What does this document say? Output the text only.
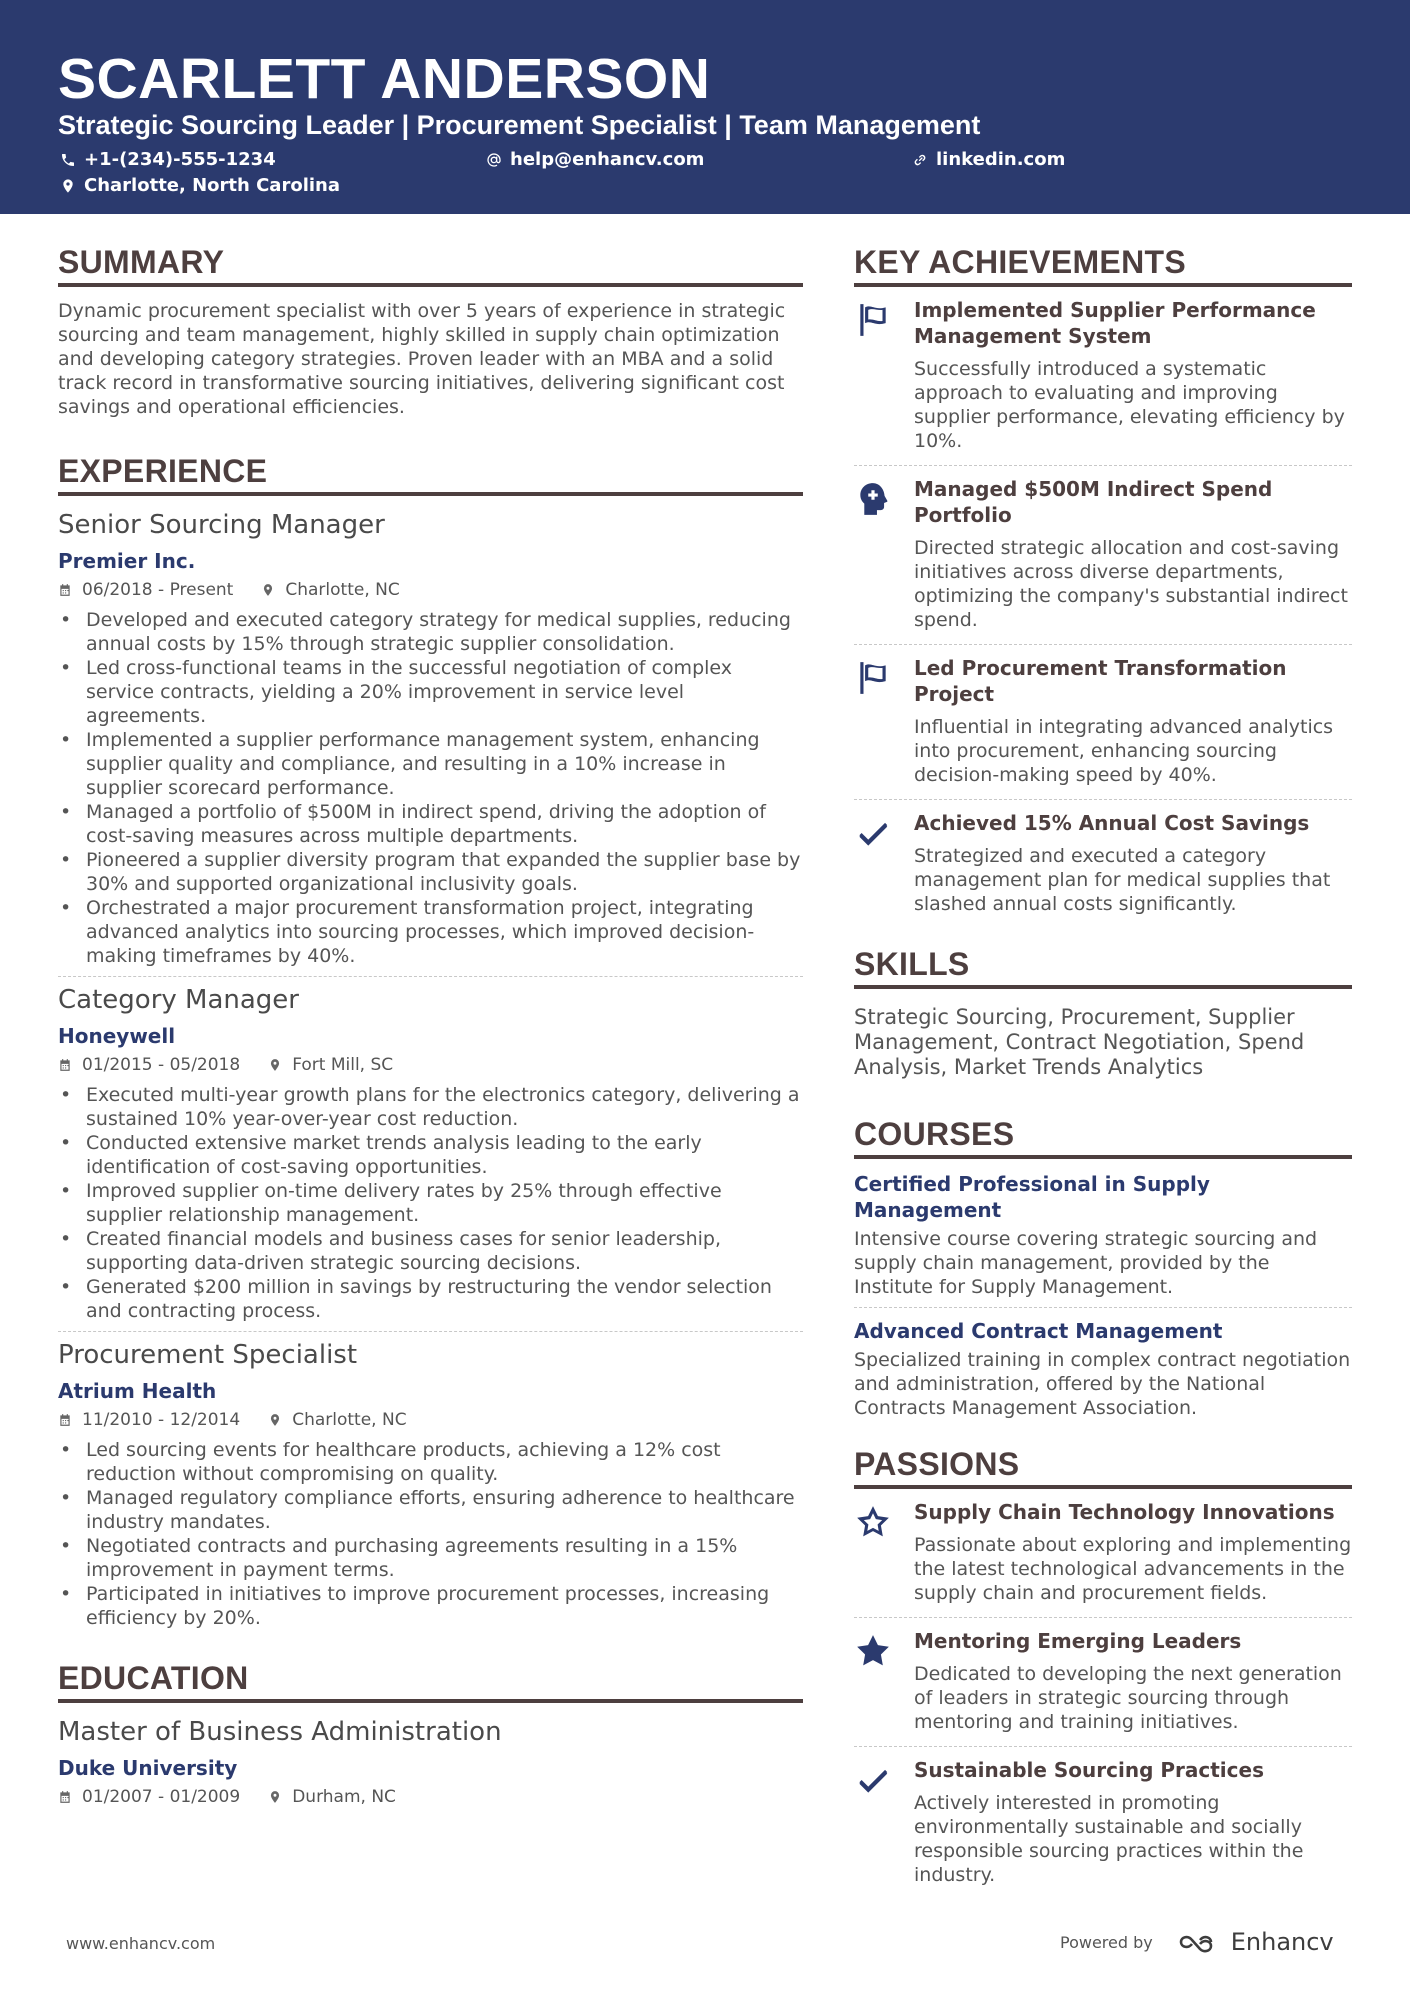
SCARLETT ANDERSON
Strategic Sourcing Leader | Procurement Specialist | Team Management
+1-(234)-555-1234	help@enhancv.com	linkedin.com
Charlotte, North Carolina
SUMMARY
Dynamic procurement specialist with over 5 years of experience in strategic sourcing and team management, highly skilled in supply chain optimization and developing category strategies. Proven leader with an MBA and a solid track record in transformative sourcing initiatives, delivering significant cost savings and operational efficiencies.
EXPERIENCE
Senior Sourcing Manager
Premier Inc.
06/2018 - Present	Charlotte, NC
• Developed and executed category strategy for medical supplies, reducing annual costs by 15% through strategic supplier consolidation.
• Led cross-functional teams in the successful negotiation of complex service contracts, yielding a 20% improvement in service level agreements.
• Implemented a supplier performance management system, enhancing supplier quality and compliance, and resulting in a 10% increase in supplier scorecard performance.
• Managed a portfolio of $500M in indirect spend, driving the adoption of cost-saving measures across multiple departments.
• Pioneered a supplier diversity program that expanded the supplier base by 30% and supported organizational inclusivity goals.
• Orchestrated a major procurement transformation project, integrating advanced analytics into sourcing processes, which improved decision-making timeframes by 40%.
Category Manager
Honeywell
01/2015 - 05/2018	Fort Mill, SC
• Executed multi-year growth plans for the electronics category, delivering a sustained 10% year-over-year cost reduction.
• Conducted extensive market trends analysis leading to the early identification of cost-saving opportunities.
• Improved supplier on-time delivery rates by 25% through effective supplier relationship management.
• Created financial models and business cases for senior leadership, supporting data-driven strategic sourcing decisions.
• Generated $200 million in savings by restructuring the vendor selection and contracting process.
Procurement Specialist
Atrium Health
11/2010 - 12/2014	Charlotte, NC
• Led sourcing events for healthcare products, achieving a 12% cost reduction without compromising on quality.
• Managed regulatory compliance efforts, ensuring adherence to healthcare industry mandates.
• Negotiated contracts and purchasing agreements resulting in a 15% improvement in payment terms.
• Participated in initiatives to improve procurement processes, increasing efficiency by 20%.
EDUCATION
Master of Business Administration
Duke University
01/2007 - 01/2009	Durham, NC
KEY ACHIEVEMENTS
Implemented Supplier Performance Management System
Successfully introduced a systematic approach to evaluating and improving supplier performance, elevating efficiency by 10%.
Managed $500M Indirect Spend Portfolio
Directed strategic allocation and cost-saving initiatives across diverse departments, optimizing the company's substantial indirect spend.
Led Procurement Transformation Project
Influential in integrating advanced analytics into procurement, enhancing sourcing decision-making speed by 40%.
Achieved 15% Annual Cost Savings
Strategized and executed a category management plan for medical supplies that slashed annual costs significantly.
SKILLS
Strategic Sourcing, Procurement, Supplier Management, Contract Negotiation, Spend Analysis, Market Trends Analytics
COURSES
Certified Professional in Supply Management
Intensive course covering strategic sourcing and supply chain management, provided by the Institute for Supply Management.
Advanced Contract Management
Specialized training in complex contract negotiation and administration, offered by the National Contracts Management Association.
PASSIONS
Supply Chain Technology Innovations
Passionate about exploring and implementing the latest technological advancements in the supply chain and procurement fields.
Mentoring Emerging Leaders
Dedicated to developing the next generation of leaders in strategic sourcing through mentoring and training initiatives.
Sustainable Sourcing Practices
Actively interested in promoting environmentally sustainable and socially responsible sourcing practices within the industry.
www.enhancv.com	Powered by	Enhancv
